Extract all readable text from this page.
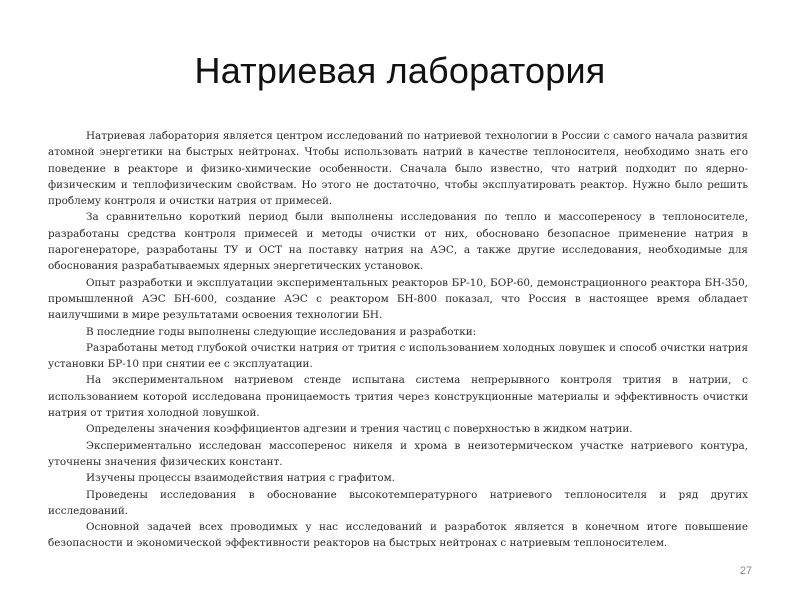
Натриевая лаборатория

Натриевая лаборатория является центром исследований по натриевой технологии в России с самого начала развития атомной энергетики на быстрых нейтронах. Чтобы использовать натрий в качестве теплоносителя, необходимо знать его поведение в реакторе и физико-химические особенности. Сначала было известно, что натрий подходит по ядерно-физическим и теплофизическим свойствам. Но этого не достаточно, чтобы эксплуатировать реактор. Нужно было решить проблему контроля и очистки натрия от примесей.

За сравнительно короткий период были выполнены исследования по тепло и массопереносу в теплоносителе, разработаны средства контроля примесей и методы очистки от них, обосновано безопасное применение натрия в парогенераторе, разработаны ТУ и ОСТ на поставку натрия на АЭС, а также другие исследования, необходимые для обоснования разрабатываемых ядерных энергетических установок.

Опыт разработки и эксплуатации экспериментальных реакторов БР-10, БОР-60, демонстрационного реактора БН-350, промышленной АЭС БН-600, создание АЭС с реактором БН-800 показал, что Россия в настоящее время обладает наилучшими в мире результатами освоения технологии БН.

В последние годы выполнены следующие исследования и разработки:

Разработаны метод глубокой очистки натрия от трития с использованием холодных ловушек и способ очистки натрия установки БР-10 при снятии ее с эксплуатации.

На экспериментальном натриевом стенде испытана система непрерывного контроля трития в натрии, с использованием которой исследована проницаемость трития через конструкционные материалы и эффективность очистки натрия от трития холодной ловушкой.

Определены значения коэффициентов адгезии и трения частиц с поверхностью в жидком натрии.

Экспериментально исследован массоперенос никеля и хрома в неизотермическом участке натриевого контура, уточнены значения физических констант.

Изучены процессы взаимодействия натрия с графитом.

Проведены исследования в обоснование высокотемпературного натриевого теплоносителя и ряд других исследований.

Основной задачей всех проводимых у нас исследований и разработок является в конечном итоге повышение безопасности и экономической эффективности реакторов на быстрых нейтронах с натриевым теплоносителем.

27
